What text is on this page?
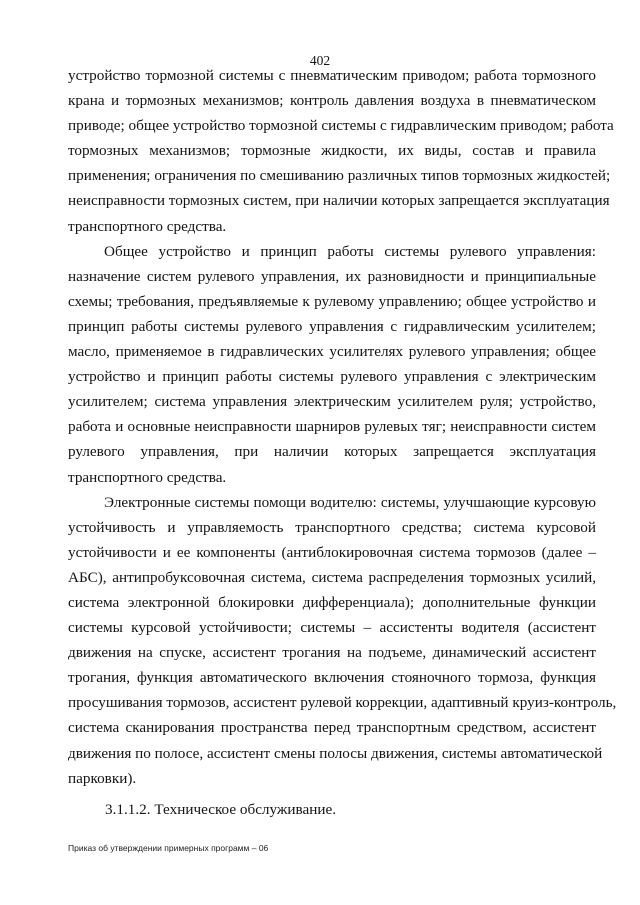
402

устройство тормозной системы с пневматическим приводом; работа тормозного
крана и тормозных механизмов; контроль давления воздуха в пневматическом
приводе; общее устройство тормозной системы с гидравлическим приводом; работа
тормозных механизмов; тормозные жидкости, их виды, состав и правила
применения; ограничения по смешиванию различных типов тормозных жидкостей;
неисправности тормозных систем, при наличии которых запрещается эксплуатация
транспортного средства.

Общее устройство и принцип работы системы рулевого управления:
назначение систем рулевого управления, их разновидности и принципиальные
схемы; требования, предъявляемые к рулевому управлению; общее устройство и
принцип работы системы рулевого управления с гидравлическим усилителем;
масло, применяемое в гидравлических усилителях рулевого управления; общее
устройство и принцип работы системы рулевого управления с электрическим
усилителем; система управления электрическим усилителем руля; устройство,
работа и основные неисправности шарниров рулевых тяг; неисправности систем
рулевого управления, при наличии которых запрещается эксплуатация
транспортного средства.

Электронные системы помощи водителю: системы, улучшающие курсовую
устойчивость и управляемость транспортного средства; система курсовой
устойчивости и ее компоненты (антиблокировочная система тормозов (далее –
АБС), антипробуксовочная система, система распределения тормозных усилий,
система электронной блокировки дифференциала); дополнительные функции
системы курсовой устойчивости; системы – ассистенты водителя (ассистент
движения на спуске, ассистент трогания на подъеме, динамический ассистент
трогания, функция автоматического включения стояночного тормоза, функция
просушивания тормозов, ассистент рулевой коррекции, адаптивный круиз-контроль,
система сканирования пространства перед транспортным средством, ассистент
движения по полосе, ассистент смены полосы движения, системы автоматической
парковки).

3.1.1.2. Техническое обслуживание.
Приказ об утверждении примерных программ – 06
